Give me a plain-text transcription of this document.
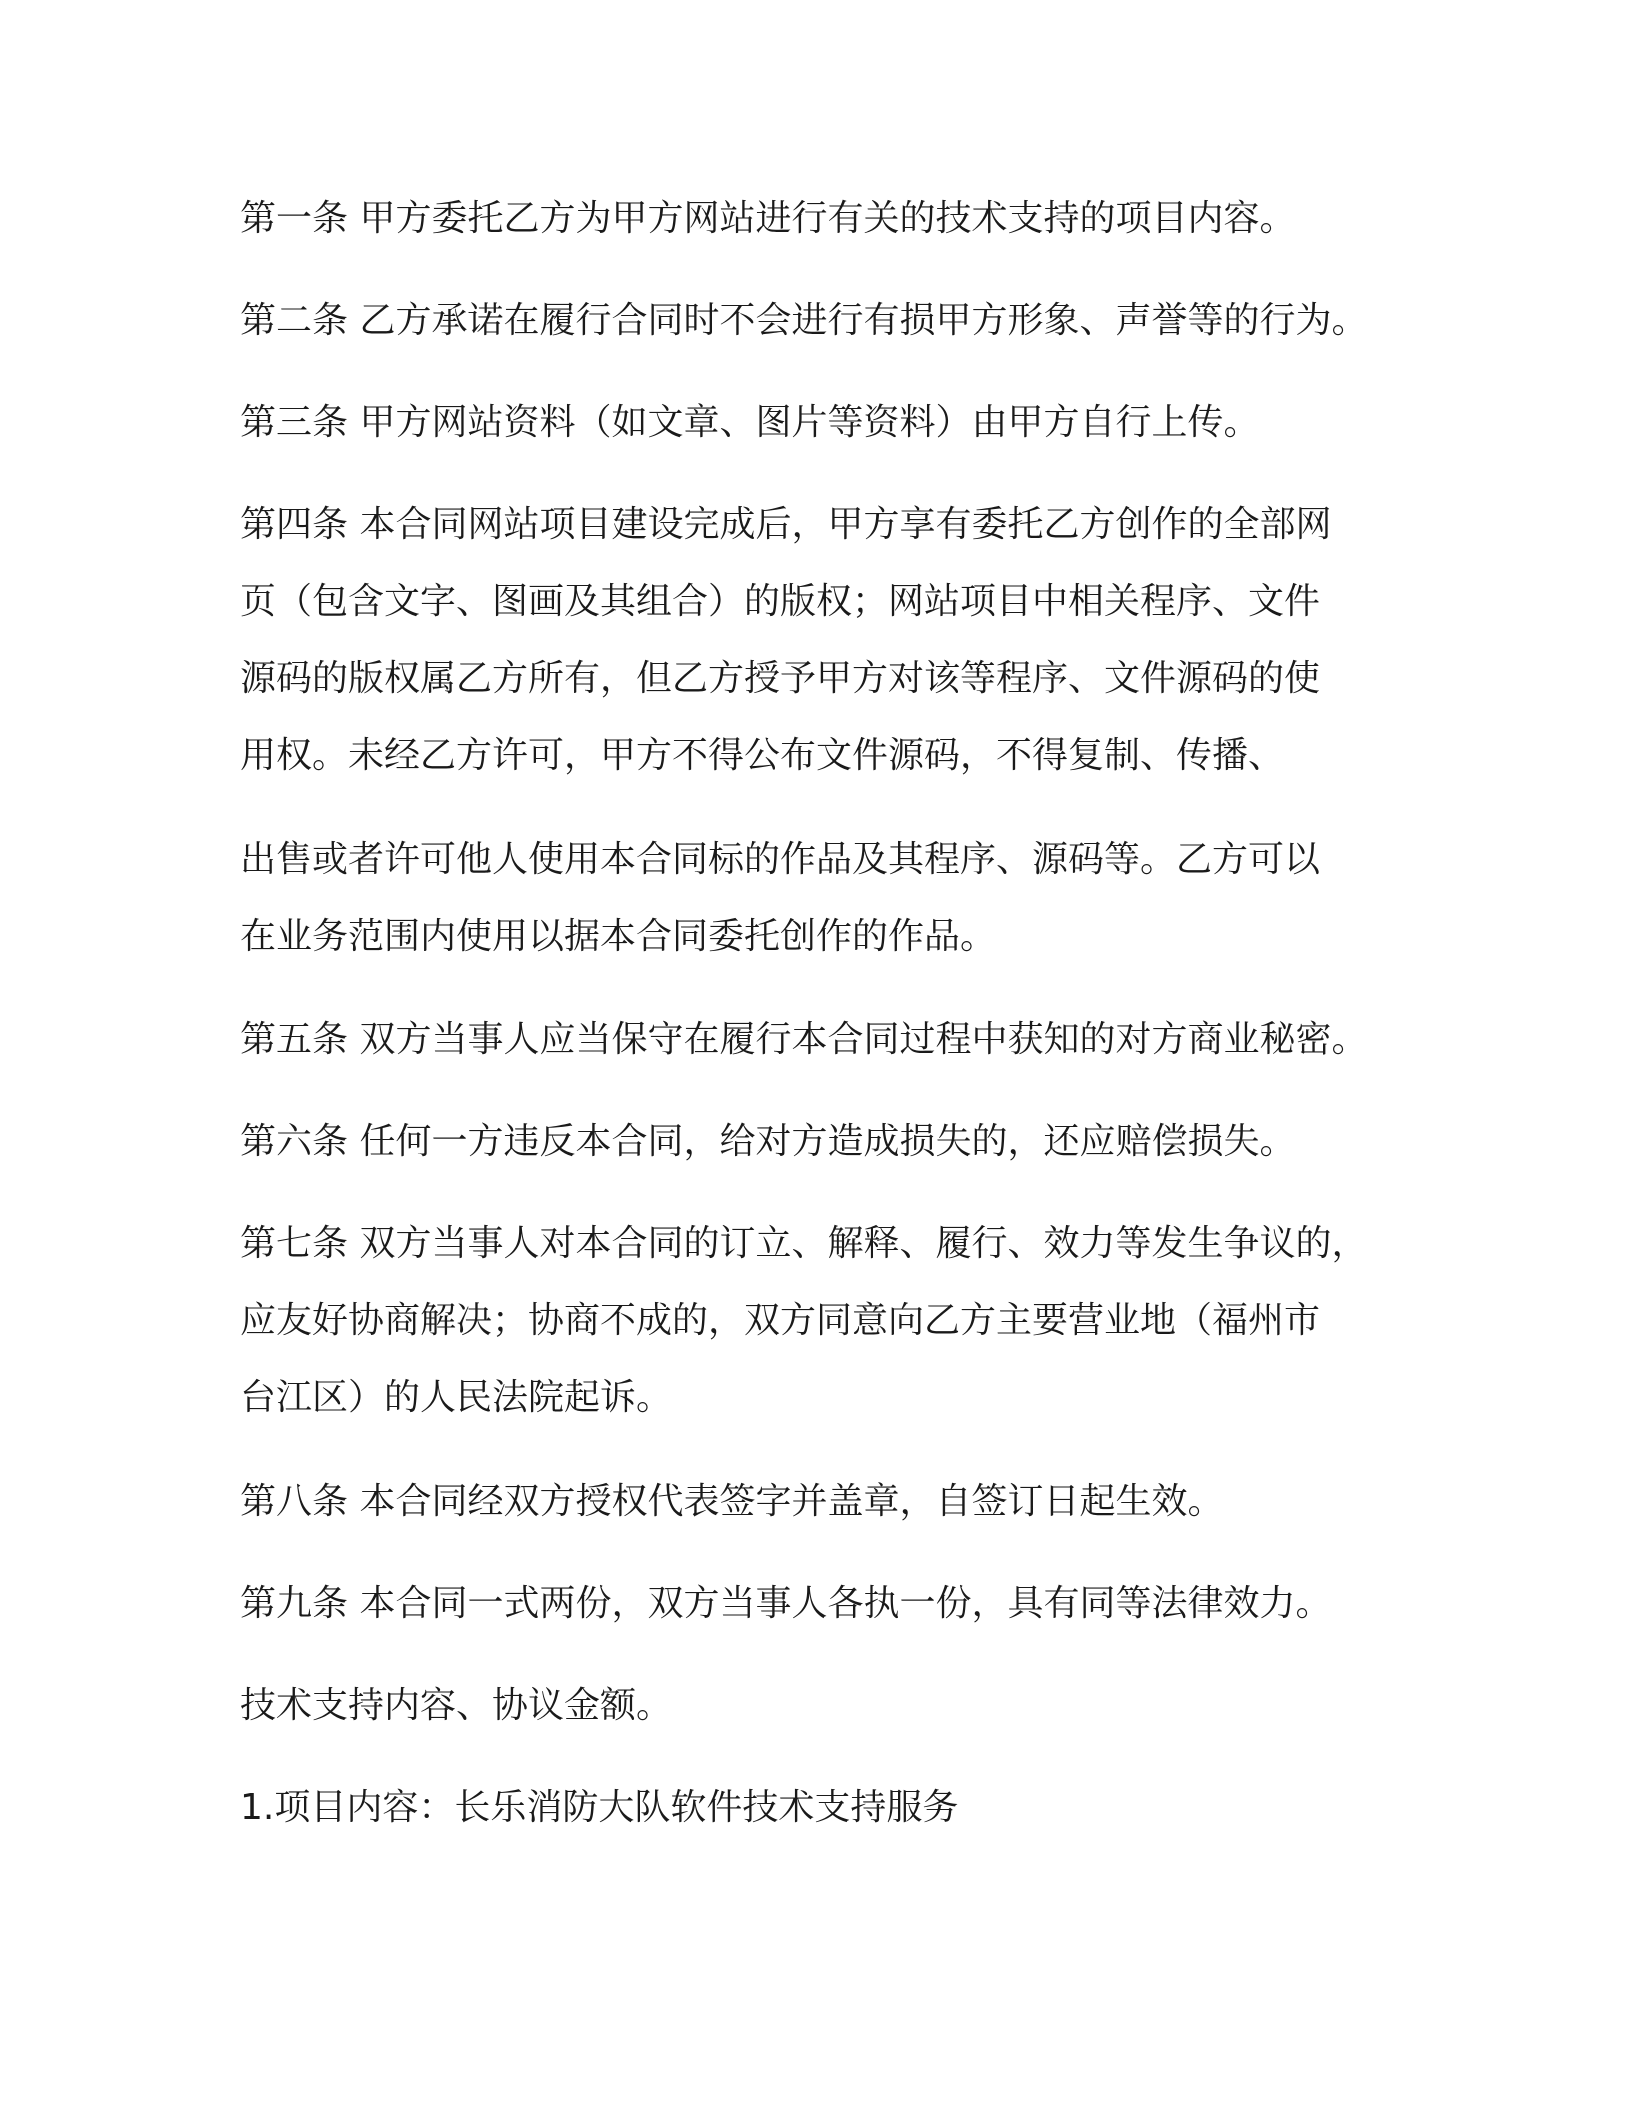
第一条 甲方委托乙方为甲方网站进行有关的技术支持的项目内容。
第二条 乙方承诺在履行合同时不会进行有损甲方形象、声誉等的行为。
第三条 甲方网站资料（如文章、图片等资料）由甲方自行上传。
第四条 本合同网站项目建设完成后，甲方享有委托乙方创作的全部网
页（包含文字、图画及其组合）的版权；网站项目中相关程序、文件
源码的版权属乙方所有，但乙方授予甲方对该等程序、文件源码的使
用权。未经乙方许可，甲方不得公布文件源码，不得复制、传播、
出售或者许可他人使用本合同标的作品及其程序、源码等。乙方可以
在业务范围内使用以据本合同委托创作的作品。
第五条 双方当事人应当保守在履行本合同过程中获知的对方商业秘密。
第六条 任何一方违反本合同，给对方造成损失的，还应赔偿损失。
第七条 双方当事人对本合同的订立、解释、履行、效力等发生争议的，
应友好协商解决；协商不成的，双方同意向乙方主要营业地（福州市
台江区）的人民法院起诉。
第八条 本合同经双方授权代表签字并盖章，自签订日起生效。
第九条 本合同一式两份，双方当事人各执一份，具有同等法律效力。
技术支持内容、协议金额。
1.项目内容：长乐消防大队软件技术支持服务
